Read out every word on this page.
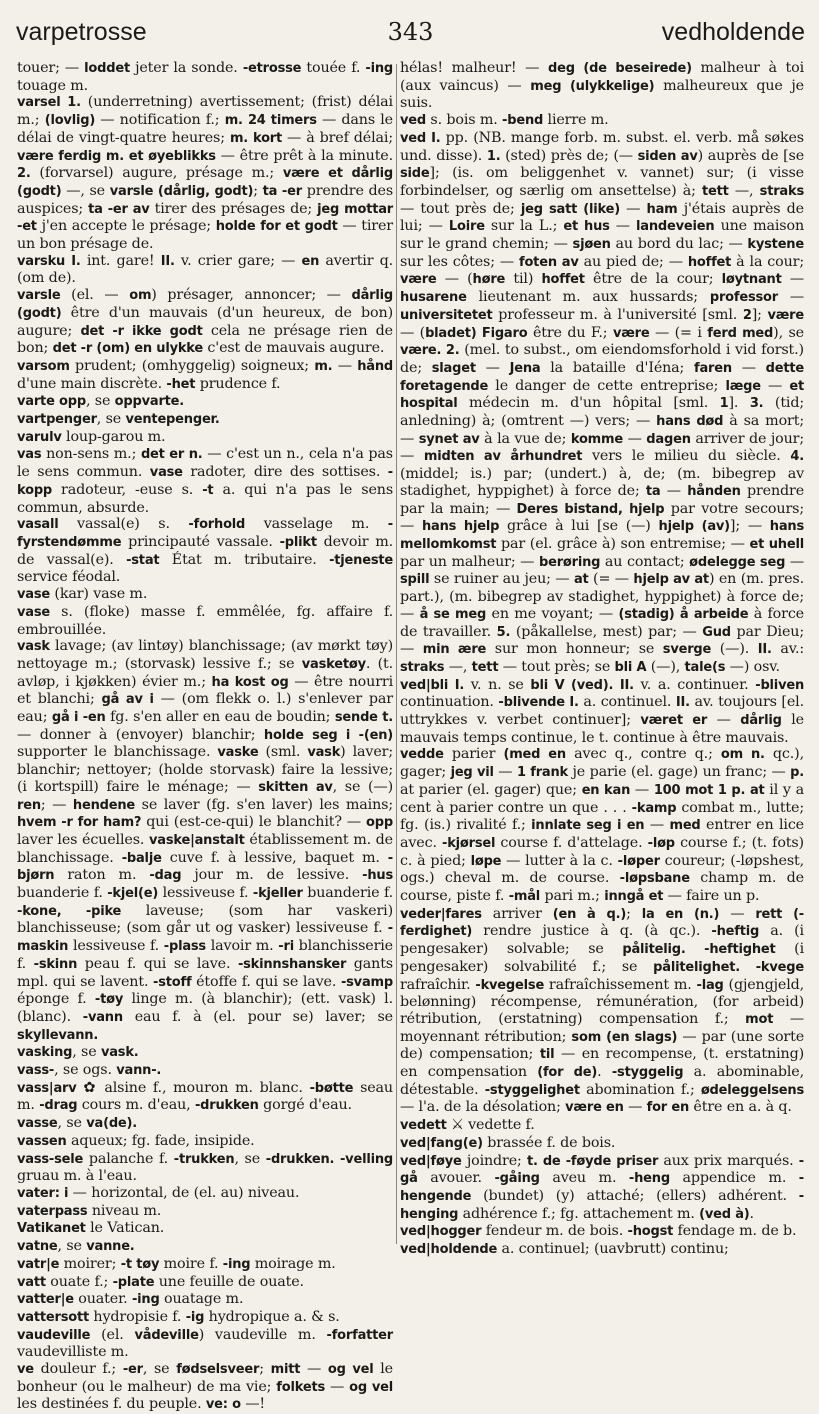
varpetrosse	343	vedholdende

touer; — loddet jeter la sonde. -etrosse touée f. -ing touage m.

varsel 1. (underretning) avertissement; (frist) délai m.; (lovlig) — notification f.; m. 24 timers — dans le délai de vingt-quatre heures; m. kort — à bref délai; være ferdig m. et øyeblikks — être prêt à la minute. 2. (forvarsel) augure, présage m.; være et dårlig (godt) —, se varsle (dårlig, godt); ta -er prendre des auspices; ta -er av tirer des présages de; jeg mottar -et j'en accepte le présage; holde for et godt — tirer un bon présage de.

varsku I. int. gare! II. v. crier gare; — en avertir q. (om de).

varsle (el. — om) présager, annoncer; — dårlig (godt) être d'un mauvais (d'un heureux, de bon) augure; det -r ikke godt cela ne présage rien de bon; det -r (om) en ulykke c'est de mauvais augure.

varsom prudent; (omhyggelig) soigneux; m. — hånd d'une main discrète. -het prudence f.

varte opp, se oppvarte.

vartpenger, se ventepenger.

varulv loup-garou m.

vas non-sens m.; det er n. — c'est un n., cela n'a pas le sens commun. vase radoter, dire des sottises. -kopp radoteur, -euse s. -t a. qui n'a pas le sens commun, absurde.

vasall vassal(e) s. -forhold vasselage m. -fyrstendømme principauté vassale. -plikt devoir m. de vassal(e). -stat État m. tributaire. -tjeneste service féodal.

vase (kar) vase m.

vase s. (floke) masse f. emmêlée, fg. affaire f. embrouillée.

vask lavage; (av lintøy) blanchissage; (av mørkt tøy) nettoyage m.; (storvask) lessive f.; se vasketøy. (t. avløp, i kjøkken) évier m.; ha kost og — être nourri et blanchi; gå av i — (om flekk o. l.) s'enlever par eau; gå i -en fg. s'en aller en eau de boudin; sende t. — donner à (envoyer) blanchir; holde seg i -(en) supporter le blanchissage. vaske (sml. vask) laver; blanchir; nettoyer; (holde storvask) faire la lessive; (i kortspill) faire le ménage; — skitten av, se (—) ren; — hendene se laver (fg. s'en laver) les mains; hvem -r for ham? qui (est-ce-qui) le blanchit? — opp laver les écuelles. vaske|anstalt établissement m. de blanchissage. -balje cuve f. à lessive, baquet m. -bjørn raton m. -dag jour m. de lessive. -hus buanderie f. -kjel(e) lessiveuse f. -kjeller buanderie f. -kone, -pike laveuse; (som har vaskeri) blanchisseuse; (som går ut og vasker) lessiveuse f. -maskin lessiveuse f. -plass lavoir m. -ri blanchisserie f. -skinn peau f. qui se lave. -skinnshansker gants mpl. qui se lavent. -stoff étoffe f. qui se lave. -svamp éponge f. -tøy linge m. (à blanchir); (ett. vask) l. (blanc). -vann eau f. à (el. pour se) laver; se skyllevann.

vasking, se vask.

vass-, se ogs. vann-.

vass|arv ✿ alsine f., mouron m. blanc. -bøtte seau m. -drag cours m. d'eau, -drukken gorgé d'eau.

vasse, se va(de).

vassen aqueux; fg. fade, insipide.

vass-sele palanche f. -trukken, se -drukken. -velling gruau m. à l'eau.

vater: i — horizontal, de (el. au) niveau.

vaterpass niveau m.

Vatikanet le Vatican.

vatne, se vanne.

vatr|e moirer; -t tøy moire f. -ing moirage m.

vatt ouate f.; -plate une feuille de ouate.

vatter|e ouater. -ing ouatage m.

vattersott hydropisie f. -ig hydropique a. & s.

vaudeville (el. vådeville) vaudeville m. -forfatter vaudevilliste m.

ve douleur f.; -er, se fødselsveer; mitt — og vel le bonheur (ou le malheur) de ma vie; folkets — og vel les destinées f. du peuple. ve: o —!

hélas! malheur! — deg (de beseirede) malheur à toi (aux vaincus) — meg (ulykkelige) malheureux que je suis.

ved s. bois m. -bend lierre m.

ved I. pp. (NB. mange forb. m. subst. el. verb. må søkes und. disse). 1. (sted) près de; (— siden av) auprès de [se side]; (is. om beliggenhet v. vannet) sur; (i visse forbindelser, og særlig om ansettelse) à; tett —, straks — tout près de; jeg satt (like) — ham j'étais auprès de lui; — Loire sur la L.; et hus — landeveien une maison sur le grand chemin; — sjøen au bord du lac; — kystene sur les côtes; — foten av au pied de; — hoffet à la cour; være — (høre til) hoffet être de la cour; løytnant — husarene lieutenant m. aux hussards; professor — universitetet professeur m. à l'université [sml. 2]; være — (bladet) Figaro être du F.; være — (= i ferd med), se være. 2. (mel. to subst., om eiendomsforhold i vid forst.) de; slaget — Jena la bataille d'Iéna; faren — dette foretagende le danger de cette entreprise; læge — et hospital médecin m. d'un hôpital [sml. 1]. 3. (tid; anledning) à; (omtrent —) vers; — hans død à sa mort; — synet av à la vue de; komme — dagen arriver de jour; — midten av århundret vers le milieu du siècle. 4. (middel; is.) par; (undert.) à, de; (m. bibegrep av stadighet, hyppighet) à force de; ta — hånden prendre par la main; — Deres bistand, hjelp par votre secours; — hans hjelp grâce à lui [se (—) hjelp (av)]; — hans mellomkomst par (el. grâce à) son entremise; — et uhell par un malheur; — berøring au contact; ødelegge seg — spill se ruiner au jeu; — at (= — hjelp av at) en (m. pres. part.), (m. bibegrep av stadighet, hyppighet) à force de; — å se meg en me voyant; — (stadig) å arbeide à force de travailler. 5. (påkallelse, mest) par; — Gud par Dieu; — min ære sur mon honneur; se sverge (—). II. av.: straks —, tett — tout près; se bli A (—), tale(s —) osv.

ved|bli I. v. n. se bli V (ved). II. v. a. continuer. -bliven continuation. -blivende I. a. continuel. II. av. toujours [el. uttrykkes v. verbet continuer]; været er — dårlig le mauvais temps continue, le t. continue à être mauvais.

vedde parier (med en avec q., contre q.; om n. qc.), gager; jeg vil — 1 frank je parie (el. gage) un franc; — p. at parier (el. gager) que; en kan — 100 mot 1 p. at il y a cent à parier contre un que . . . -kamp combat m., lutte; fg. (is.) rivalité f.; innlate seg i en — med entrer en lice avec. -kjørsel course f. d'attelage. -løp course f.; (t. fots) c. à pied; løpe — lutter à la c. -løper coureur; (-løpshest, ogs.) cheval m. de course. -løpsbane champ m. de course, piste f. -mål pari m.; inngå et — faire un p.

veder|fares arriver (en à q.); la en (n.) — rett (-ferdighet) rendre justice à q. (à qc.). -heftig a. (i pengesaker) solvable; se pålitelig. -heftighet (i pengesaker) solvabilité f.; se pålitelighet. -kvege rafraîchir. -kvegelse rafraîchissement m. -lag (gjengjeld, belønning) récompense, rémunération, (for arbeid) rétribution, (erstatning) compensation f.; mot — moyennant rétribution; som (en slags) — par (une sorte de) compensation; til — en recompense, (t. erstatning) en compensation (for de). -styggelig a. abominable, détestable. -styggelighet abomination f.; ødeleggelsens — l'a. de la désolation; være en — for en être en a. à q.

vedett ⚔ vedette f.

ved|fang(e) brassée f. de bois.

ved|føye joindre; t. de -føyde priser aux prix marqués. -gå avouer. -gåing aveu m. -heng appendice m. -hengende (bundet) (y) attaché; (ellers) adhérent. -henging adhérence f.; fg. attachement m. (ved à).

ved|hogger fendeur m. de bois. -hogst fendage m. de b.

ved|holdende a. continuel; (uavbrutt) continu;
